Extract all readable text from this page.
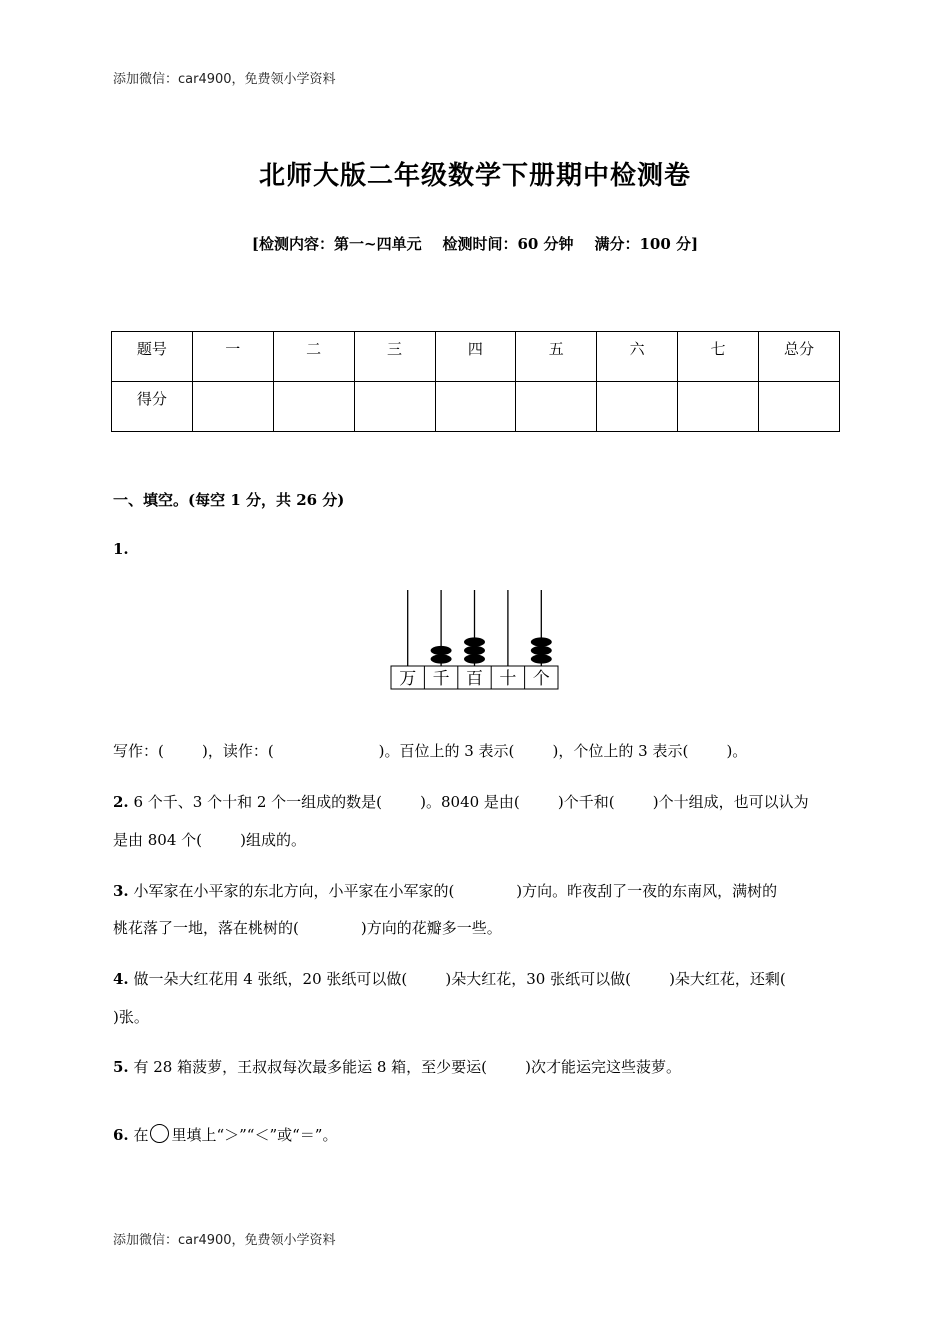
添加微信：car4900，免费领小学资料
北师大版二年级数学下册期中检测卷
[检测内容：第一~四单元    检测时间：60 分钟    满分：100 分]
题号	一	二	三	四	五	六	七	总分
得分								
一、填空。(每空 1 分，共 26 分)
1.
万 千 百 十 个
写作：(        )，读作：(                      )。百位上的 3 表示(        )，个位上的 3 表示(        )。
2. 6 个千、3 个十和 2 个一组成的数是(        )。8040 是由(        )个千和(        )个十组成，也可以认为
是由 804 个(        )组成的。
3. 小军家在小平家的东北方向，小平家在小军家的(             )方向。昨夜刮了一夜的东南风，满树的
桃花落了一地，落在桃树的(             )方向的花瓣多一些。
4. 做一朵大红花用 4 张纸，20 张纸可以做(        )朵大红花，30 张纸可以做(        )朵大红花，还剩(
)张。
5. 有 28 箱菠萝，王叔叔每次最多能运 8 箱，至少要运(        )次才能运完这些菠萝。
6. 在 里填上“＞”“＜”或“＝”。
添加微信：car4900，免费领小学资料
